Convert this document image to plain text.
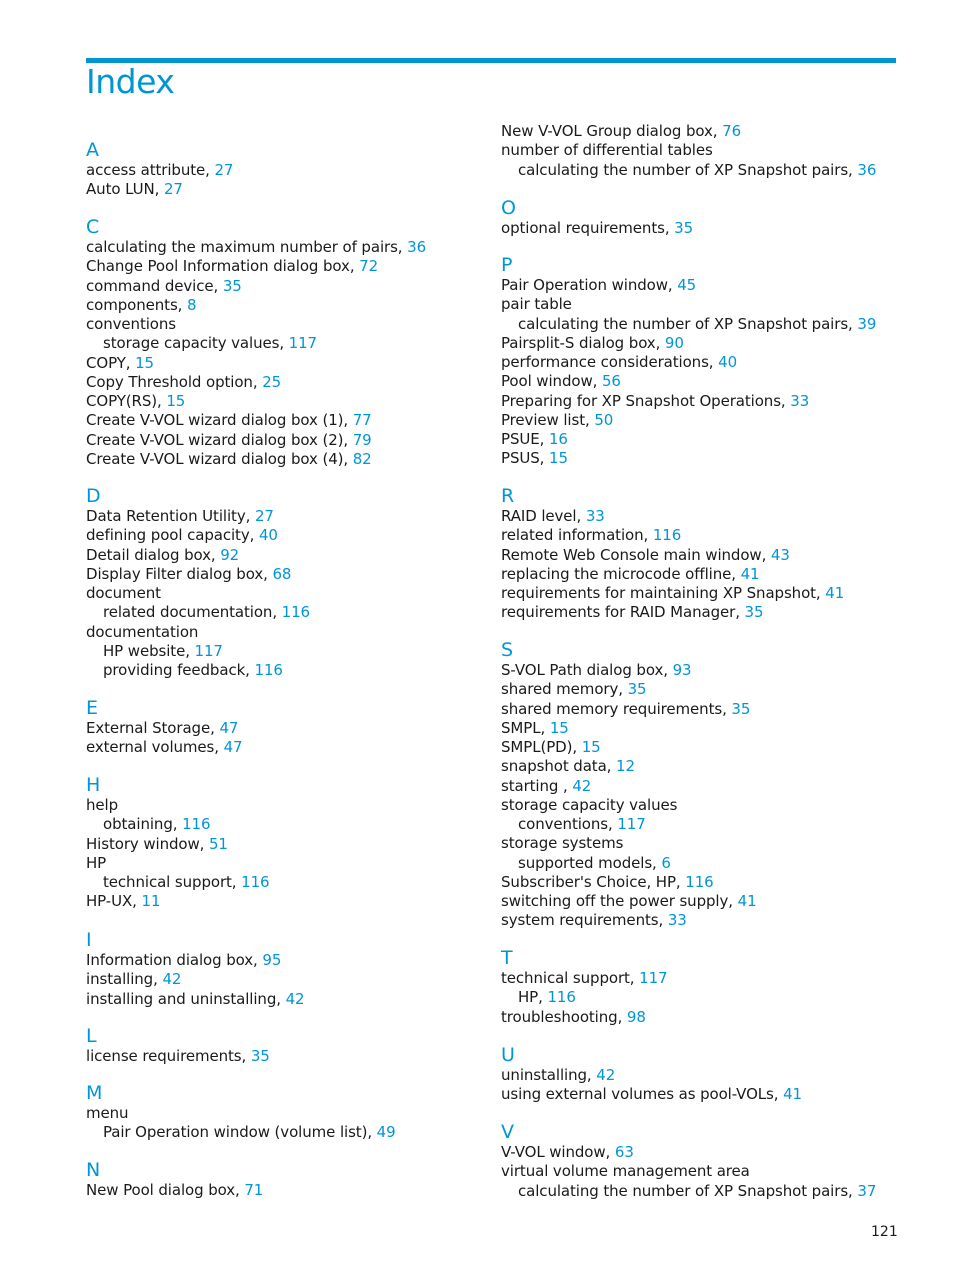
Index
A
access attribute, 27
Auto LUN, 27
C
calculating the maximum number of pairs, 36
Change Pool Information dialog box, 72
command device, 35
components, 8
conventions
storage capacity values, 117
COPY, 15
Copy Threshold option, 25
COPY(RS), 15
Create V-VOL wizard dialog box (1), 77
Create V-VOL wizard dialog box (2), 79
Create V-VOL wizard dialog box (4), 82
D
Data Retention Utility, 27
defining pool capacity, 40
Detail dialog box, 92
Display Filter dialog box, 68
document
related documentation, 116
documentation
HP website, 117
providing feedback, 116
E
External Storage, 47
external volumes, 47
H
help
obtaining, 116
History window, 51
HP
technical support, 116
HP-UX, 11
I
Information dialog box, 95
installing, 42
installing and uninstalling, 42
L
license requirements, 35
M
menu
Pair Operation window (volume list), 49
N
New Pool dialog box, 71
New V-VOL Group dialog box, 76
number of differential tables
calculating the number of XP Snapshot pairs, 36
O
optional requirements, 35
P
Pair Operation window, 45
pair table
calculating the number of XP Snapshot pairs, 39
Pairsplit-S dialog box, 90
performance considerations, 40
Pool window, 56
Preparing for XP Snapshot Operations, 33
Preview list, 50
PSUE, 16
PSUS, 15
R
RAID level, 33
related information, 116
Remote Web Console main window, 43
replacing the microcode offline, 41
requirements for maintaining XP Snapshot, 41
requirements for RAID Manager, 35
S
S-VOL Path dialog box, 93
shared memory, 35
shared memory requirements, 35
SMPL, 15
SMPL(PD), 15
snapshot data, 12
starting , 42
storage capacity values
conventions, 117
storage systems
supported models, 6
Subscriber's Choice, HP, 116
switching off the power supply, 41
system requirements, 33
T
technical support, 117
HP, 116
troubleshooting, 98
U
uninstalling, 42
using external volumes as pool-VOLs, 41
V
V-VOL window, 63
virtual volume management area
calculating the number of XP Snapshot pairs, 37
121
